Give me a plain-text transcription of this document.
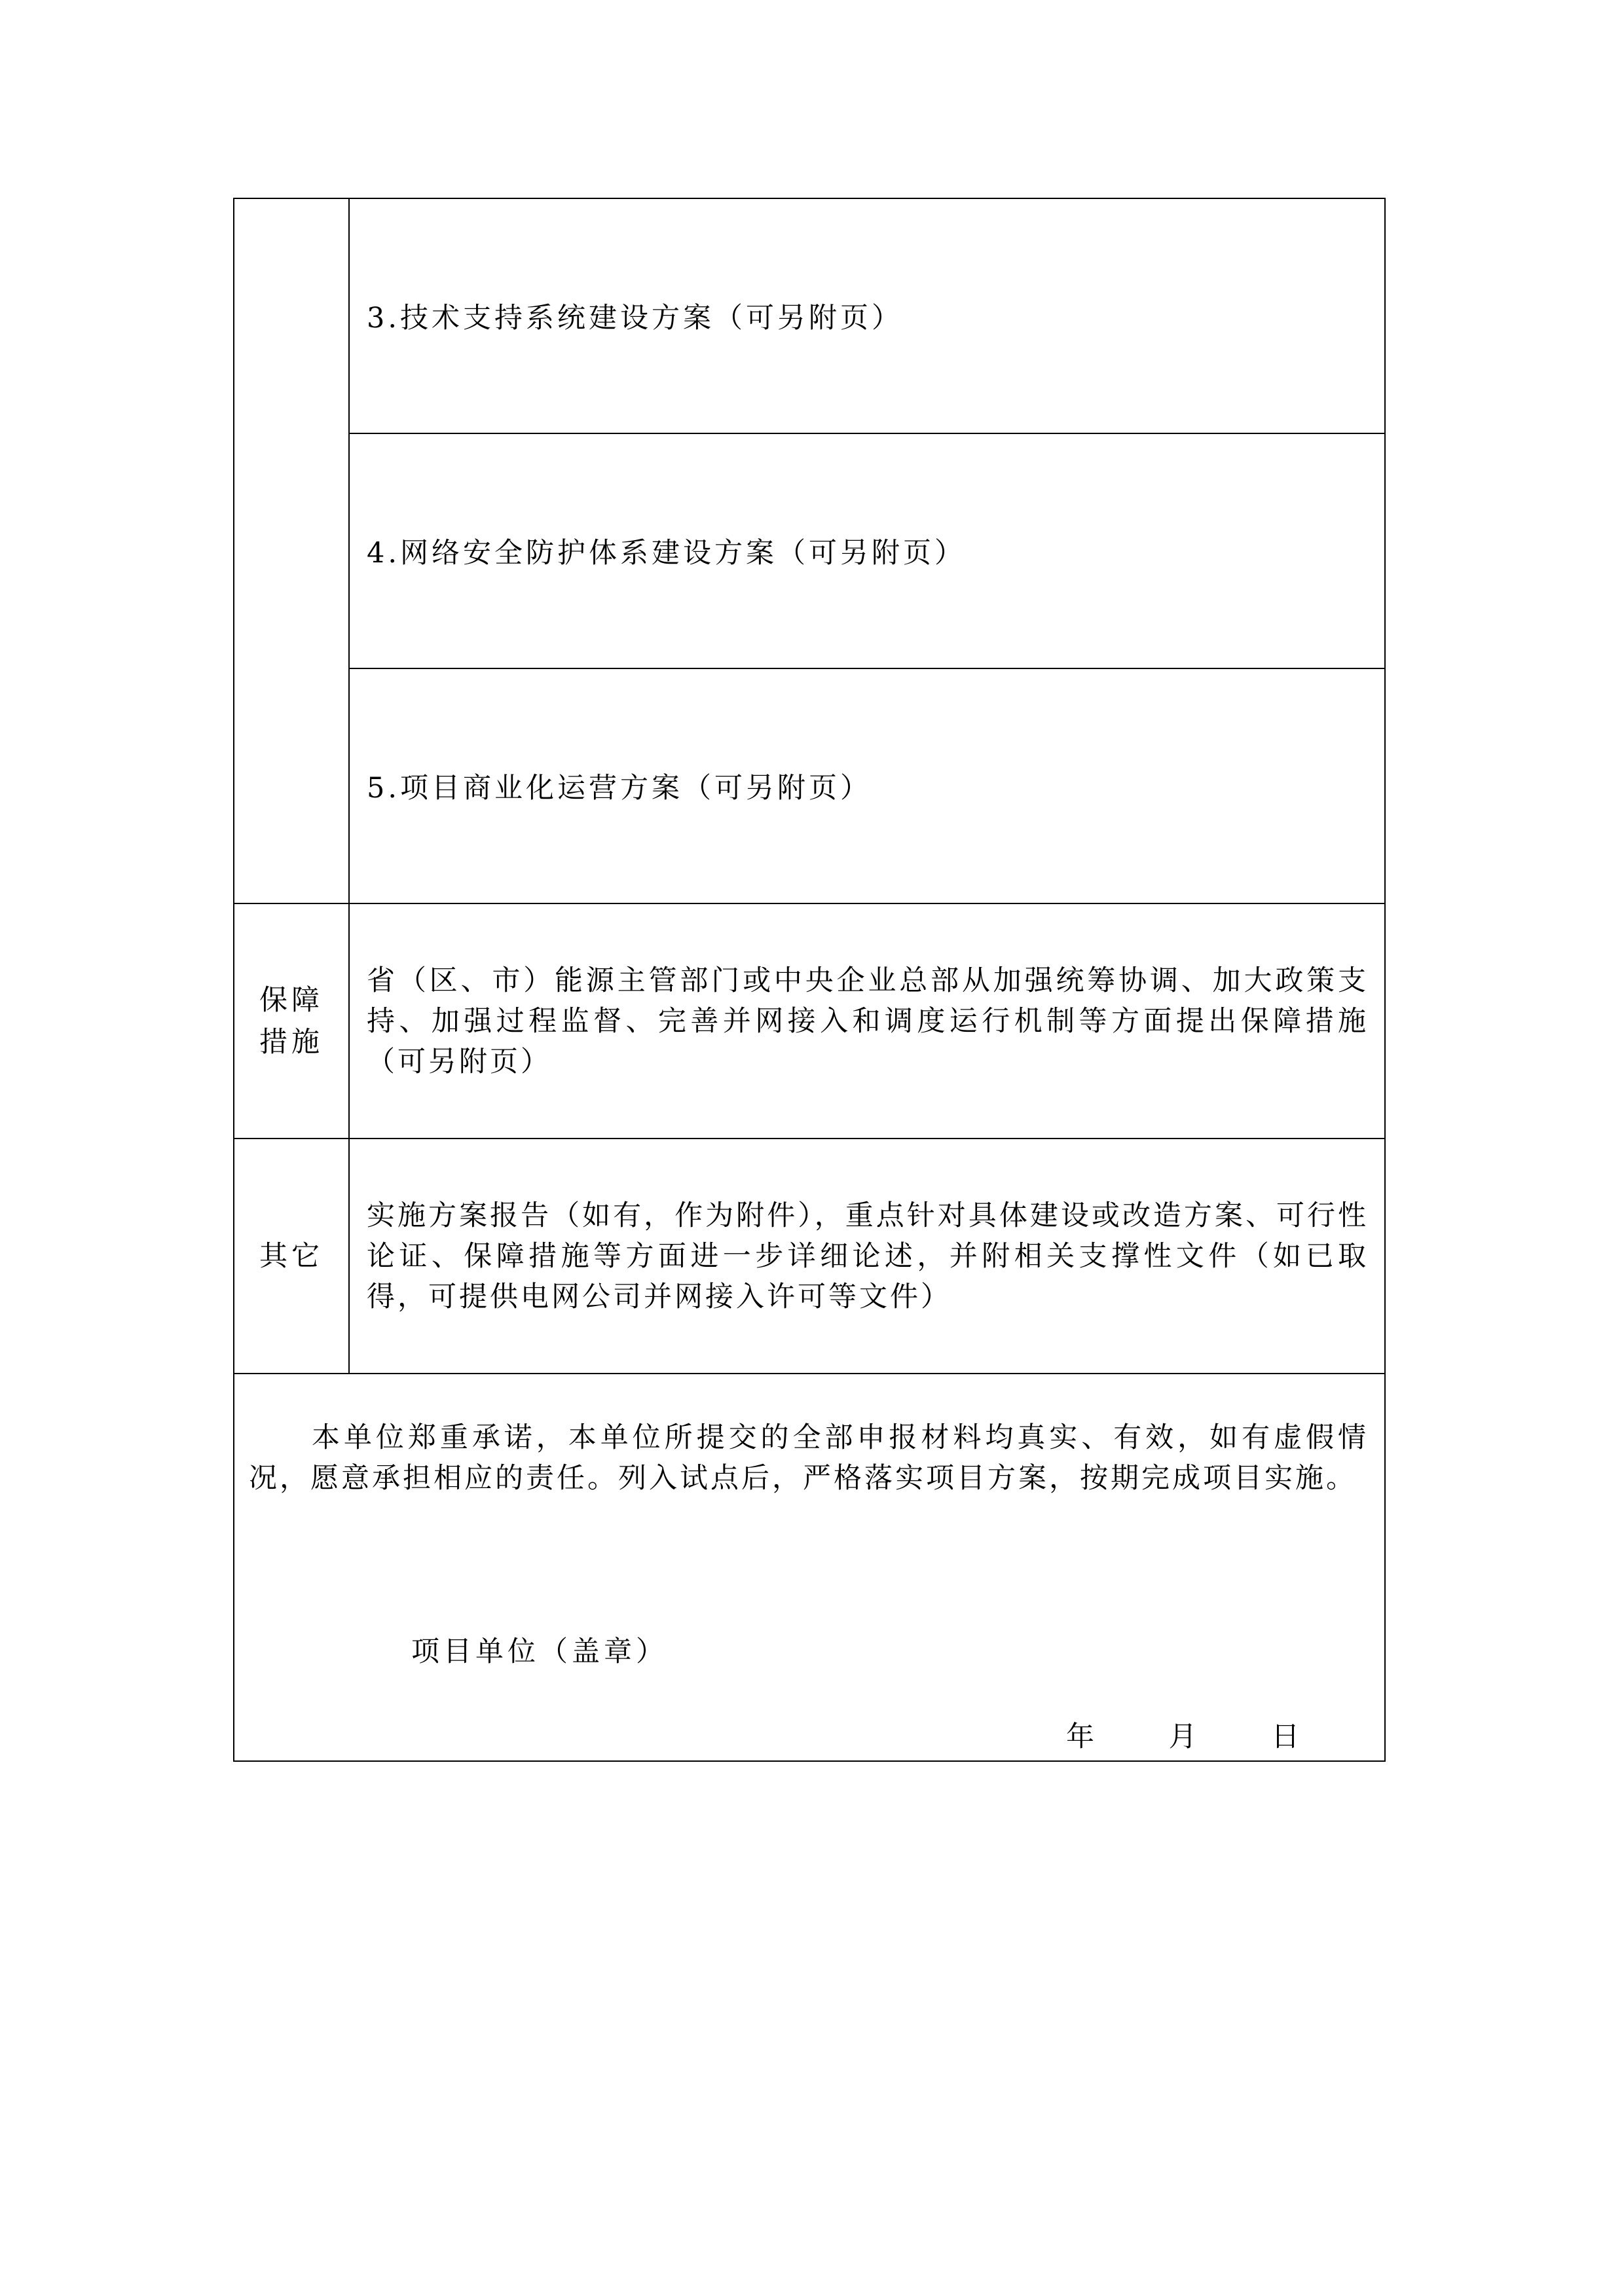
	3.技术支持系统建设方案（可另附页）

	4.网络安全防护体系建设方案（可另附页）

	5.项目商业化运营方案（可另附页）

保障
措施	省（区、市）能源主管部门或中央企业总部从加强统筹协调、加大政策支持、加强过程监督、完善并网接入和调度运行机制等方面提出保障措施（可另附页）

其它	实施方案报告（如有，作为附件），重点针对具体建设或改造方案、可行性论证、保障措施等方面进一步详细论述，并附相关支撑性文件（如已取得，可提供电网公司并网接入许可等文件）

本单位郑重承诺，本单位所提交的全部申报材料均真实、有效，如有虚假情况，愿意承担相应的责任。列入试点后，严格落实项目方案，按期完成项目实施。
项目单位（盖章）
年 月 日	
